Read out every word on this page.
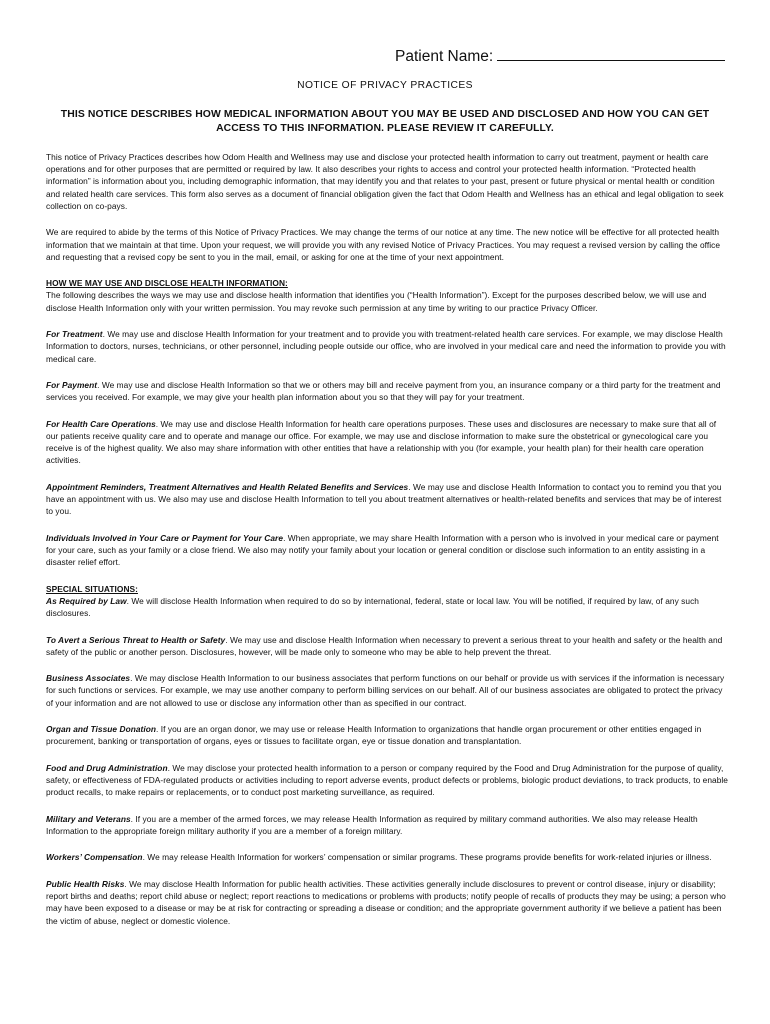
Patient Name:
NOTICE OF PRIVACY PRACTICES
THIS NOTICE DESCRIBES HOW MEDICAL INFORMATION ABOUT YOU MAY BE USED AND DISCLOSED AND HOW YOU CAN GET ACCESS TO THIS INFORMATION. PLEASE REVIEW IT CAREFULLY.

This notice of Privacy Practices describes how Odom Health and Wellness may use and disclose your protected health information to carry out treatment, payment or health care operations and for other purposes that are permitted or required by law. It also describes your rights to access and control your protected health information. “Protected health information” is information about you, including demographic information, that may identify you and that relates to your past, present or future physical or mental health or condition and related health care services. This form also serves as a document of financial obligation given the fact that Odom Health and Wellness has an ethical and legal obligation to seek collection on co-pays.

We are required to abide by the terms of this Notice of Privacy Practices. We may change the terms of our notice at any time. The new notice will be effective for all protected health information that we maintain at that time. Upon your request, we will provide you with any revised Notice of Privacy Practices. You may request a revised version by calling the office and requesting that a revised copy be sent to you in the mail, email, or asking for one at the time of your next appointment.

HOW WE MAY USE AND DISCLOSE HEALTH INFORMATION:
The following describes the ways we may use and disclose health information that identifies you (“Health Information”). Except for the purposes described below, we will use and disclose Health Information only with your written permission. You may revoke such permission at any time by writing to our practice Privacy Officer.

For Treatment. We may use and disclose Health Information for your treatment and to provide you with treatment-related health care services. For example, we may disclose Health Information to doctors, nurses, technicians, or other personnel, including people outside our office, who are involved in your medical care and need the information to provide you with medical care.

For Payment. We may use and disclose Health Information so that we or others may bill and receive payment from you, an insurance company or a third party for the treatment and services you received. For example, we may give your health plan information about you so that they will pay for your treatment.

For Health Care Operations. We may use and disclose Health Information for health care operations purposes. These uses and disclosures are necessary to make sure that all of our patients receive quality care and to operate and manage our office. For example, we may use and disclose information to make sure the obstetrical or gynecological care you receive is of the highest quality. We also may share information with other entities that have a relationship with you (for example, your health plan) for their health care operation activities.

Appointment Reminders, Treatment Alternatives and Health Related Benefits and Services. We may use and disclose Health Information to contact you to remind you that you have an appointment with us. We also may use and disclose Health Information to tell you about treatment alternatives or health-related benefits and services that may be of interest to you.

Individuals Involved in Your Care or Payment for Your Care. When appropriate, we may share Health Information with a person who is involved in your medical care or payment for your care, such as your family or a close friend. We also may notify your family about your location or general condition or disclose such information to an entity assisting in a disaster relief effort.

SPECIAL SITUATIONS:
As Required by Law. We will disclose Health Information when required to do so by international, federal, state or local law. You will be notified, if required by law, of any such disclosures.

To Avert a Serious Threat to Health or Safety. We may use and disclose Health Information when necessary to prevent a serious threat to your health and safety or the health and safety of the public or another person. Disclosures, however, will be made only to someone who may be able to help prevent the threat.

Business Associates. We may disclose Health Information to our business associates that perform functions on our behalf or provide us with services if the information is necessary for such functions or services. For example, we may use another company to perform billing services on our behalf. All of our business associates are obligated to protect the privacy of your information and are not allowed to use or disclose any information other than as specified in our contract.

Organ and Tissue Donation. If you are an organ donor, we may use or release Health Information to organizations that handle organ procurement or other entities engaged in procurement, banking or transportation of organs, eyes or tissues to facilitate organ, eye or tissue donation and transplantation.

Food and Drug Administration. We may disclose your protected health information to a person or company required by the Food and Drug Administration for the purpose of quality, safety, or effectiveness of FDA-regulated products or activities including to report adverse events, product defects or problems, biologic product deviations, to track products, to enable product recalls, to make repairs or replacements, or to conduct post marketing surveillance, as required.

Military and Veterans. If you are a member of the armed forces, we may release Health Information as required by military command authorities. We also may release Health Information to the appropriate foreign military authority if you are a member of a foreign military.

Workers’ Compensation. We may release Health Information for workers’ compensation or similar programs. These programs provide benefits for work-related injuries or illness.

Public Health Risks. We may disclose Health Information for public health activities. These activities generally include disclosures to prevent or control disease, injury or disability; report births and deaths; report child abuse or neglect; report reactions to medications or problems with products; notify people of recalls of products they may be using; a person who may have been exposed to a disease or may be at risk for contracting or spreading a disease or condition; and the appropriate government authority if we believe a patient has been the victim of abuse, neglect or domestic violence.
